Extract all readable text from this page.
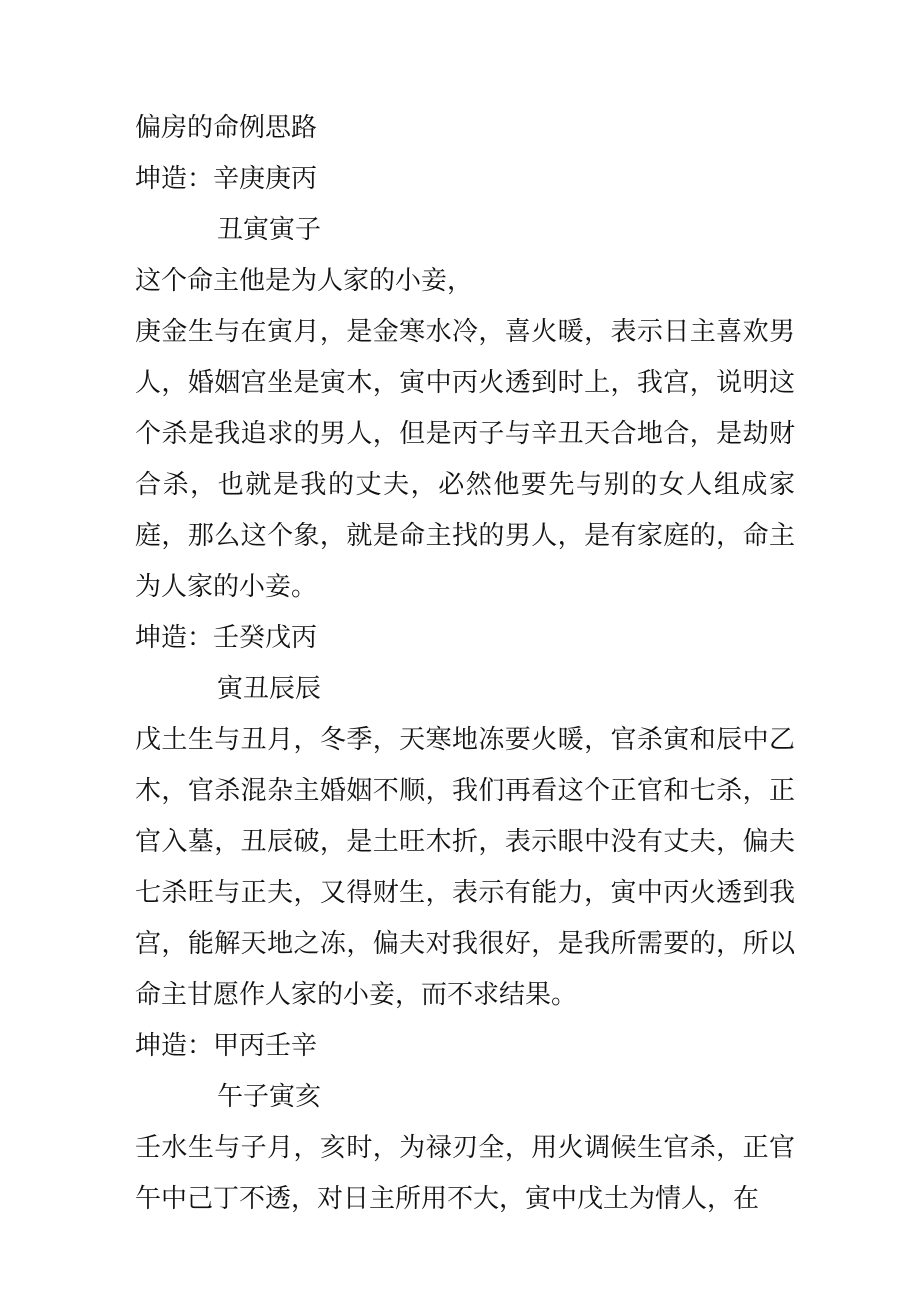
偏房的命例思路
坤造：辛庚庚丙
丑寅寅子
这个命主他是为人家的小妾，
庚金生与在寅月，是金寒水冷，喜火暖，表示日主喜欢男人，婚姻宫坐是寅木，寅中丙火透到时上，我宫，说明这个杀是我追求的男人，但是丙子与辛丑天合地合，是劫财合杀，也就是我的丈夫，必然他要先与别的女人组成家庭，那么这个象，就是命主找的男人，是有家庭的，命主为人家的小妾。
坤造：壬癸戊丙
寅丑辰辰
戊土生与丑月，冬季，天寒地冻要火暖，官杀寅和辰中乙木，官杀混杂主婚姻不顺，我们再看这个正官和七杀，正官入墓，丑辰破，是土旺木折，表示眼中没有丈夫，偏夫七杀旺与正夫，又得财生，表示有能力，寅中丙火透到我宫，能解天地之冻，偏夫对我很好，是我所需要的，所以命主甘愿作人家的小妾，而不求结果。
坤造：甲丙壬辛
午子寅亥
壬水生与子月，亥时，为禄刃全，用火调候生官杀，正官午中己丁不透，对日主所用不大，寅中戊土为情人，在
